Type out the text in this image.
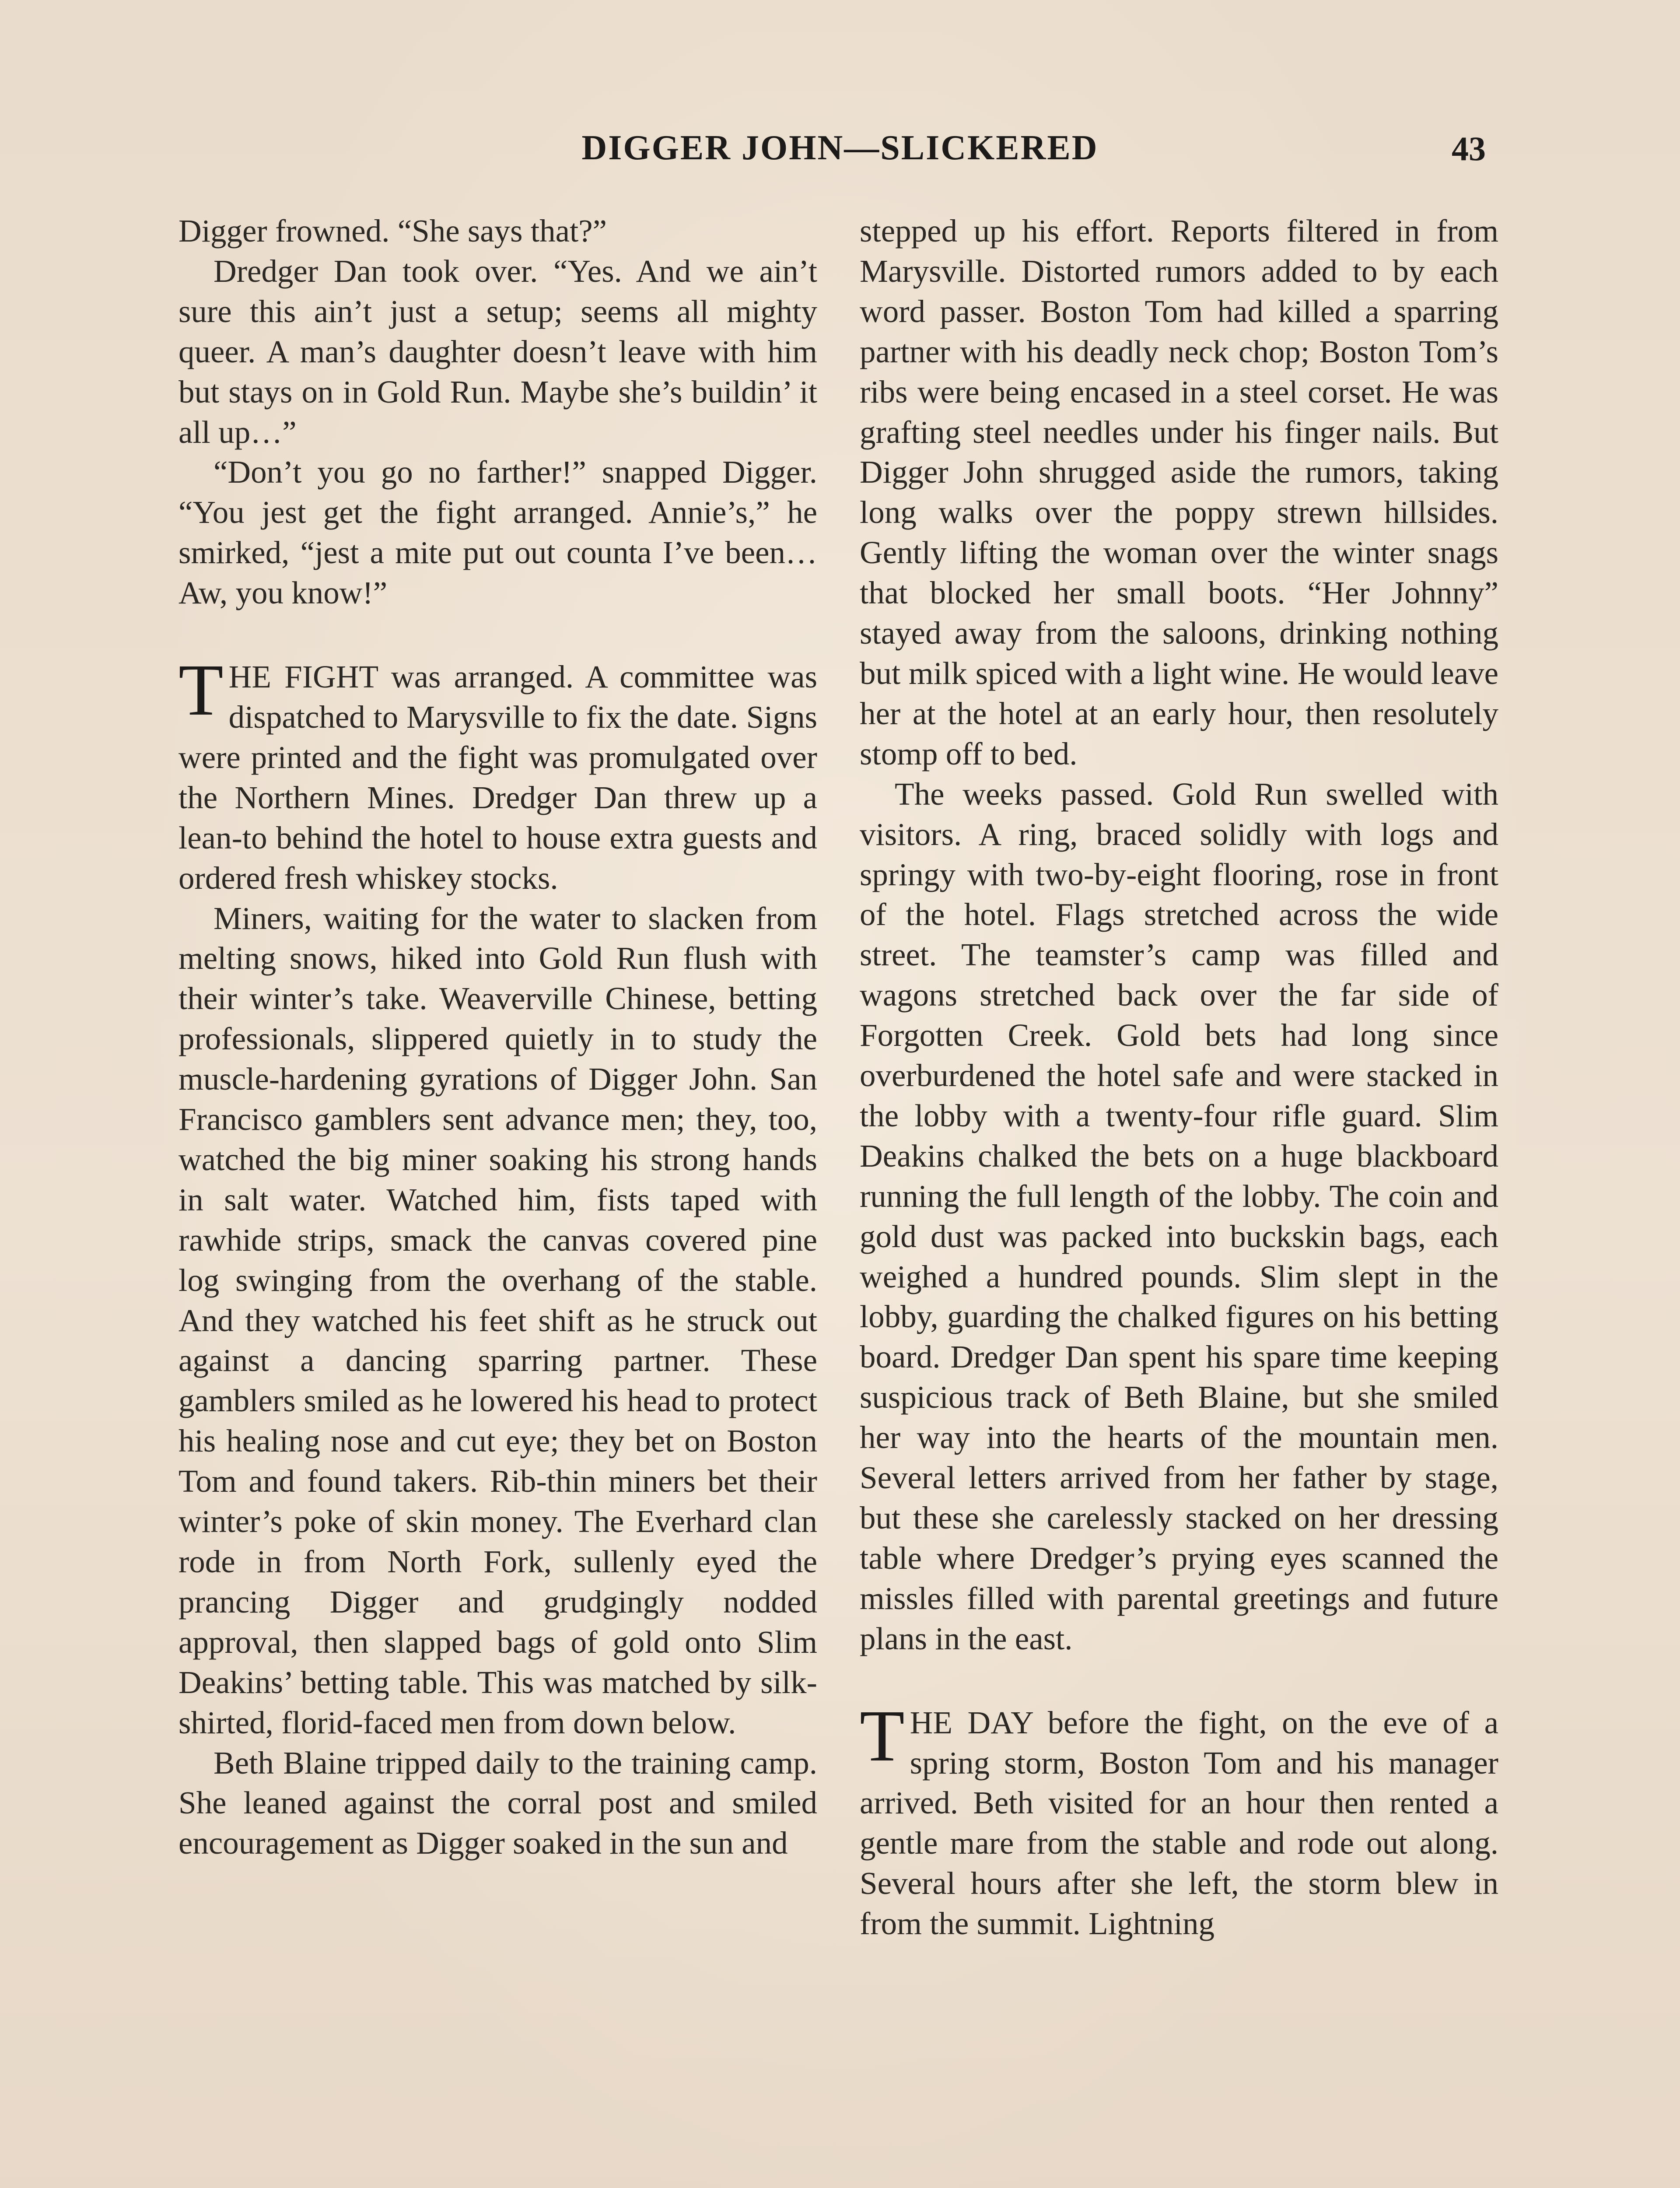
DIGGER JOHN—SLICKERED	43

Digger frowned. “She says that?”

Dredger Dan took over. “Yes. And we ain’t sure this ain’t just a setup; seems all mighty queer. A man’s daughter doesn’t leave with him but stays on in Gold Run. Maybe she’s buildin’ it all up…”

“Don’t you go no farther!” snapped Digger. “You jest get the fight arranged. Annie’s,” he smirked, “jest a mite put out counta I’ve been… Aw, you know!”

THE FIGHT was arranged. A committee was dispatched to Marysville to fix the date. Signs were printed and the fight was promulgated over the Northern Mines. Dredger Dan threw up a lean-to behind the hotel to house extra guests and ordered fresh whiskey stocks.

Miners, waiting for the water to slacken from melting snows, hiked into Gold Run flush with their winter’s take. Weaverville Chinese, betting professionals, slippered quietly in to study the muscle-hardening gyrations of Digger John. San Francisco gamblers sent advance men; they, too, watched the big miner soaking his strong hands in salt water. Watched him, fists taped with rawhide strips, smack the canvas covered pine log swinging from the overhang of the stable. And they watched his feet shift as he struck out against a dancing sparring partner. These gamblers smiled as he lowered his head to protect his healing nose and cut eye; they bet on Boston Tom and found takers. Rib-thin miners bet their winter’s poke of skin money. The Everhard clan rode in from North Fork, sullenly eyed the prancing Digger and grudgingly nodded approval, then slapped bags of gold onto Slim Deakins’ betting table. This was matched by silk-shirted, florid-faced men from down below.

Beth Blaine tripped daily to the training camp. She leaned against the corral post and smiled encouragement as Digger soaked in the sun and

stepped up his effort. Reports filtered in from Marysville. Distorted rumors added to by each word passer. Boston Tom had killed a sparring partner with his deadly neck chop; Boston Tom’s ribs were being encased in a steel corset. He was grafting steel needles under his finger nails. But Digger John shrugged aside the rumors, taking long walks over the poppy strewn hillsides. Gently lifting the woman over the winter snags that blocked her small boots. “Her Johnny” stayed away from the saloons, drinking nothing but milk spiced with a light wine. He would leave her at the hotel at an early hour, then resolutely stomp off to bed.

The weeks passed. Gold Run swelled with visitors. A ring, braced solidly with logs and springy with two-by-eight flooring, rose in front of the hotel. Flags stretched across the wide street. The teamster’s camp was filled and wagons stretched back over the far side of Forgotten Creek. Gold bets had long since overburdened the hotel safe and were stacked in the lobby with a twenty-four rifle guard. Slim Deakins chalked the bets on a huge blackboard running the full length of the lobby. The coin and gold dust was packed into buckskin bags, each weighed a hundred pounds. Slim slept in the lobby, guarding the chalked figures on his betting board. Dredger Dan spent his spare time keeping suspicious track of Beth Blaine, but she smiled her way into the hearts of the mountain men. Several letters arrived from her father by stage, but these she carelessly stacked on her dressing table where Dredger’s prying eyes scanned the missles filled with parental greetings and future plans in the east.

THE DAY before the fight, on the eve of a spring storm, Boston Tom and his manager arrived. Beth visited for an hour then rented a gentle mare from the stable and rode out along. Several hours after she left, the storm blew in from the summit. Lightning
